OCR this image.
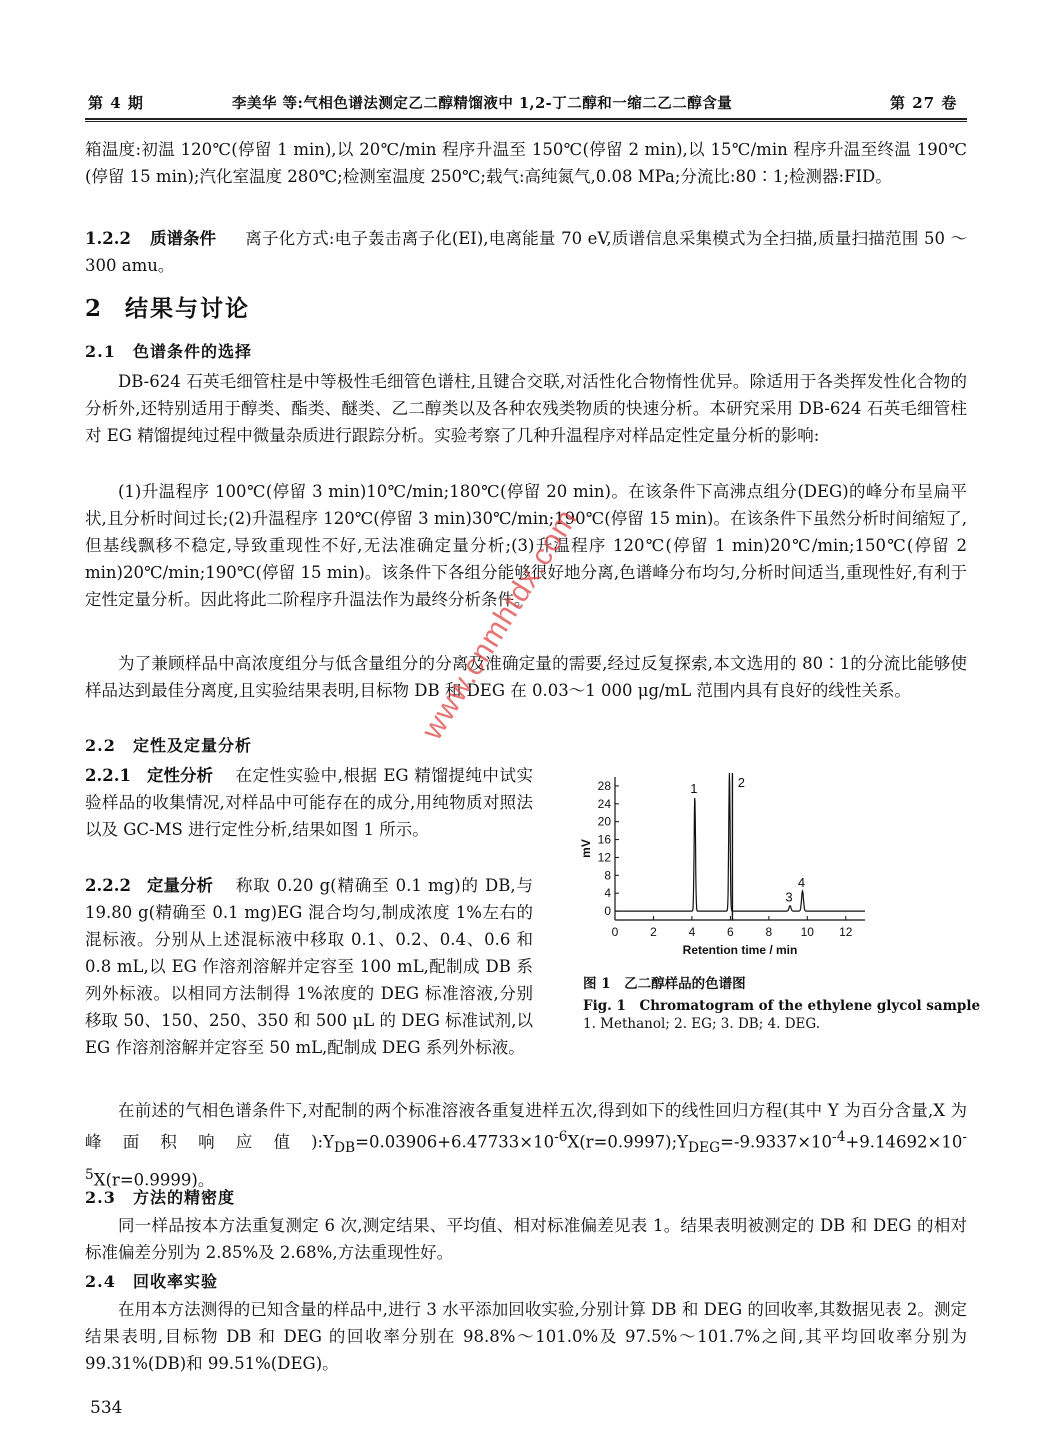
第 4 期	李美华 等:气相色谱法测定乙二醇精馏液中 1,2-丁二醇和一缩二乙二醇含量	第 27 卷

箱温度:初温 120℃(停留 1 min),以 20℃/min 程序升温至 150℃(停留 2 min),以 15℃/min 程序升温至终温 190℃(停留 15 min);汽化室温度 280℃;检测室温度 250℃;载气:高纯氮气,0.08 MPa;分流比:80∶1;检测器:FID。

1.2.2 质谱条件 离子化方式:电子轰击离子化(EI),电离能量 70 eV,质谱信息采集模式为全扫描,质量扫描范围 50 ～ 300 amu。

2 结果与讨论
2.1 色谱条件的选择

DB-624 石英毛细管柱是中等极性毛细管色谱柱,且键合交联,对活性化合物惰性优异。除适用于各类挥发性化合物的分析外,还特别适用于醇类、酯类、醚类、乙二醇类以及各种农残类物质的快速分析。本研究采用 DB-624 石英毛细管柱对 EG 精馏提纯过程中微量杂质进行跟踪分析。实验考察了几种升温程序对样品定性定量分析的影响:

(1)升温程序 100℃(停留 3 min)10℃/min;180℃(停留 20 min)。在该条件下高沸点组分(DEG)的峰分布呈扁平状,且分析时间过长;(2)升温程序 120℃(停留 3 min)30℃/min;190℃(停留 15 min)。在该条件下虽然分析时间缩短了,但基线飘移不稳定,导致重现性不好,无法准确定量分析;(3)升温程序 120℃(停留 1 min)20℃/min;150℃(停留 2 min)20℃/min;190℃(停留 15 min)。该条件下各组分能够很好地分离,色谱峰分布均匀,分析时间适当,重现性好,有利于定性定量分析。因此将此二阶程序升温法作为最终分析条件。

为了兼顾样品中高浓度组分与低含量组分的分离及准确定量的需要,经过反复探索,本文选用的 80∶1的分流比能够使样品达到最佳分离度,且实验结果表明,目标物 DB 和 DEG 在 0.03～1 000 μg/mL 范围内具有良好的线性关系。

2.2 定性及定量分析

2.2.1 定性分析 在定性实验中,根据 EG 精馏提纯中试实验样品的收集情况,对样品中可能存在的成分,用纯物质对照法以及 GC-MS 进行定性分析,结果如图 1 所示。

2.2.2 定量分析 称取 0.20 g(精确至 0.1 mg)的 DB,与 19.80 g(精确至 0.1 mg)EG 混合均匀,制成浓度 1%左右的混标液。分别从上述混标液中移取 0.1、0.2、0.4、0.6 和 0.8 mL,以 EG 作溶剂溶解并定容至 100 mL,配制成 DB 系列外标液。以相同方法制得 1%浓度的 DEG 标准溶液,分别移取 50、150、250、350 和 500 μL 的 DEG 标准试剂,以 EG 作溶剂溶解并定容至 50 mL,配制成 DEG 系列外标液。

在前述的气相色谱条件下,对配制的两个标准溶液各重复进样五次,得到如下的线性回归方程(其中 Y 为百分含量,X 为峰面积响应值)$:Y_{DB}=0.03906+6.47733\times 10^{-6}X(r=0.9997);Y_{DEG}=-9.9337\times 10^{-4}+9.14692\times 10^{-5}X(r=0.9999)$。

2.3 方法的精密度

同一样品按本方法重复测定 6 次,测定结果、平均值、相对标准偏差见表 1。结果表明被测定的 DB 和 DEG 的相对标准偏差分别为 2.85%及 2.68%,方法重现性好。

2.4 回收率实验

在用本方法测得的已知含量的样品中,进行 3 水平添加回收实验,分别计算 DB 和 DEG 的回收率,其数据见表 2。测定结果表明,目标物 DB 和 DEG 的回收率分别在 98.8%～101.0%及 97.5%～101.7%之间,其平均回收率分别为 99.31%(DB)和 99.51%(DEG)。

0
4
8
12
16
20
24
28
0	2	4	6	8 10 12
Retention time / min
mV
1	2
3
4
图 1　乙二醇样品的色谱图
Fig. 1　Chromatogram of the ethylene glycol sample
1. Methanol; 2. EG; 3. DB; 4. DEG.
www.cnmhtdx.com
534
